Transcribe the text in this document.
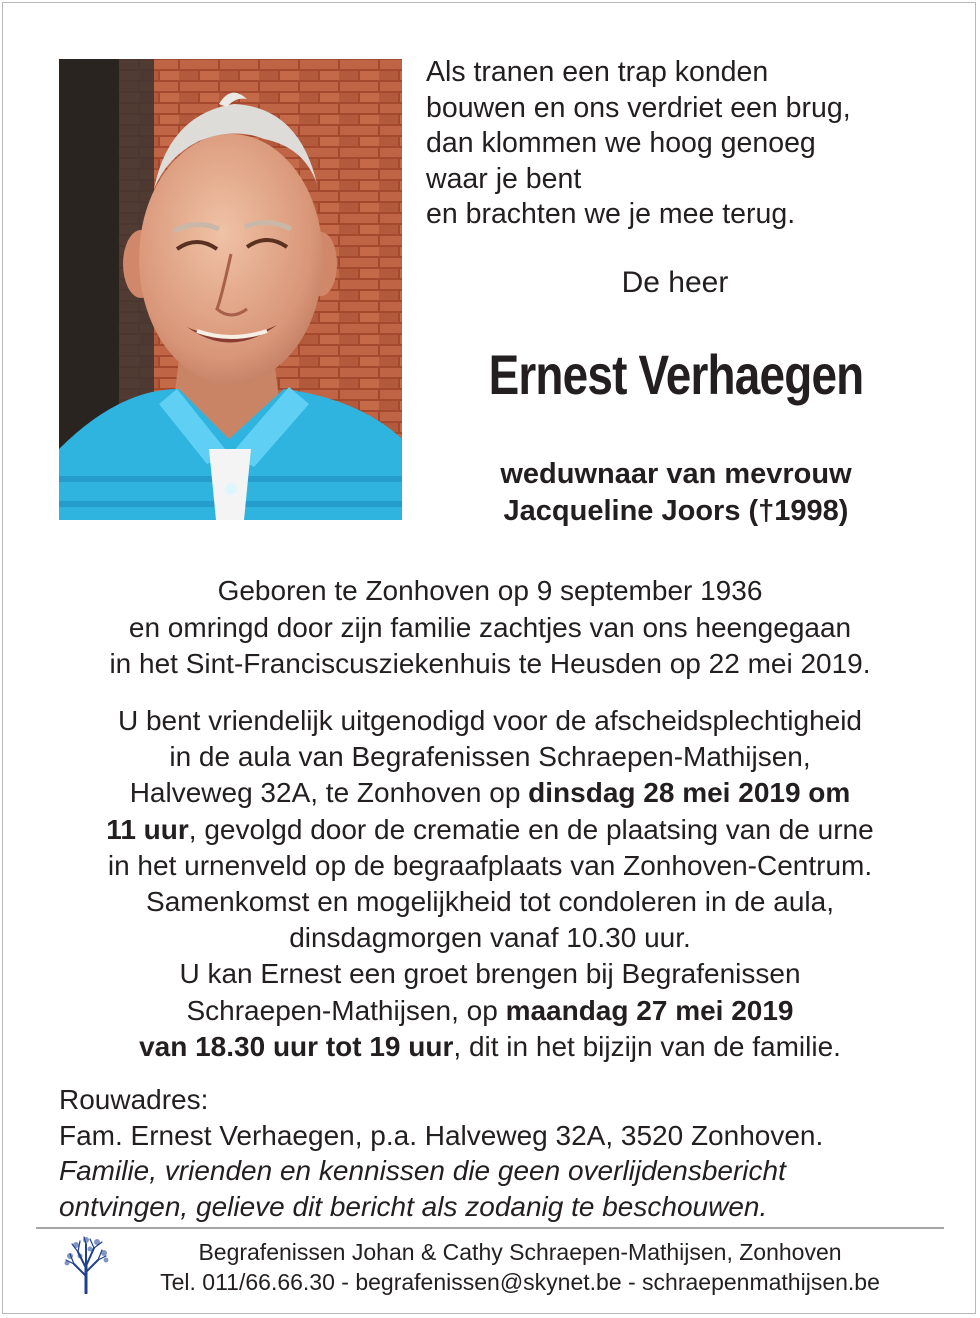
Als tranen een trap konden
bouwen en ons verdriet een brug,
dan klommen we hoog genoeg
waar je bent
en brachten we je mee terug.
De heer
Ernest Verhaegen
weduwnaar van mevrouw
Jacqueline Joors (†1998)
Geboren te Zonhoven op 9 september 1936
en omringd door zijn familie zachtjes van ons heengegaan
in het Sint-Franciscusziekenhuis te Heusden op 22 mei 2019.
U bent vriendelijk uitgenodigd voor de afscheidsplechtigheid
in de aula van Begrafenissen Schraepen-Mathijsen,
Halveweg 32A, te Zonhoven op dinsdag 28 mei 2019 om
11 uur, gevolgd door de crematie en de plaatsing van de urne
in het urnenveld op de begraafplaats van Zonhoven-Centrum.
Samenkomst en mogelijkheid tot condoleren in de aula,
dinsdagmorgen vanaf 10.30 uur.
U kan Ernest een groet brengen bij Begrafenissen
Schraepen-Mathijsen, op maandag 27 mei 2019
van 18.30 uur tot 19 uur, dit in het bijzijn van de familie.
Rouwadres:
Fam. Ernest Verhaegen, p.a. Halveweg 32A, 3520 Zonhoven.
Familie, vrienden en kennissen die geen overlijdensbericht
ontvingen, gelieve dit bericht als zodanig te beschouwen.
Begrafenissen Johan & Cathy Schraepen-Mathijsen, Zonhoven
Tel. 011/66.66.30 - begrafenissen@skynet.be - schraepenmathijsen.be
